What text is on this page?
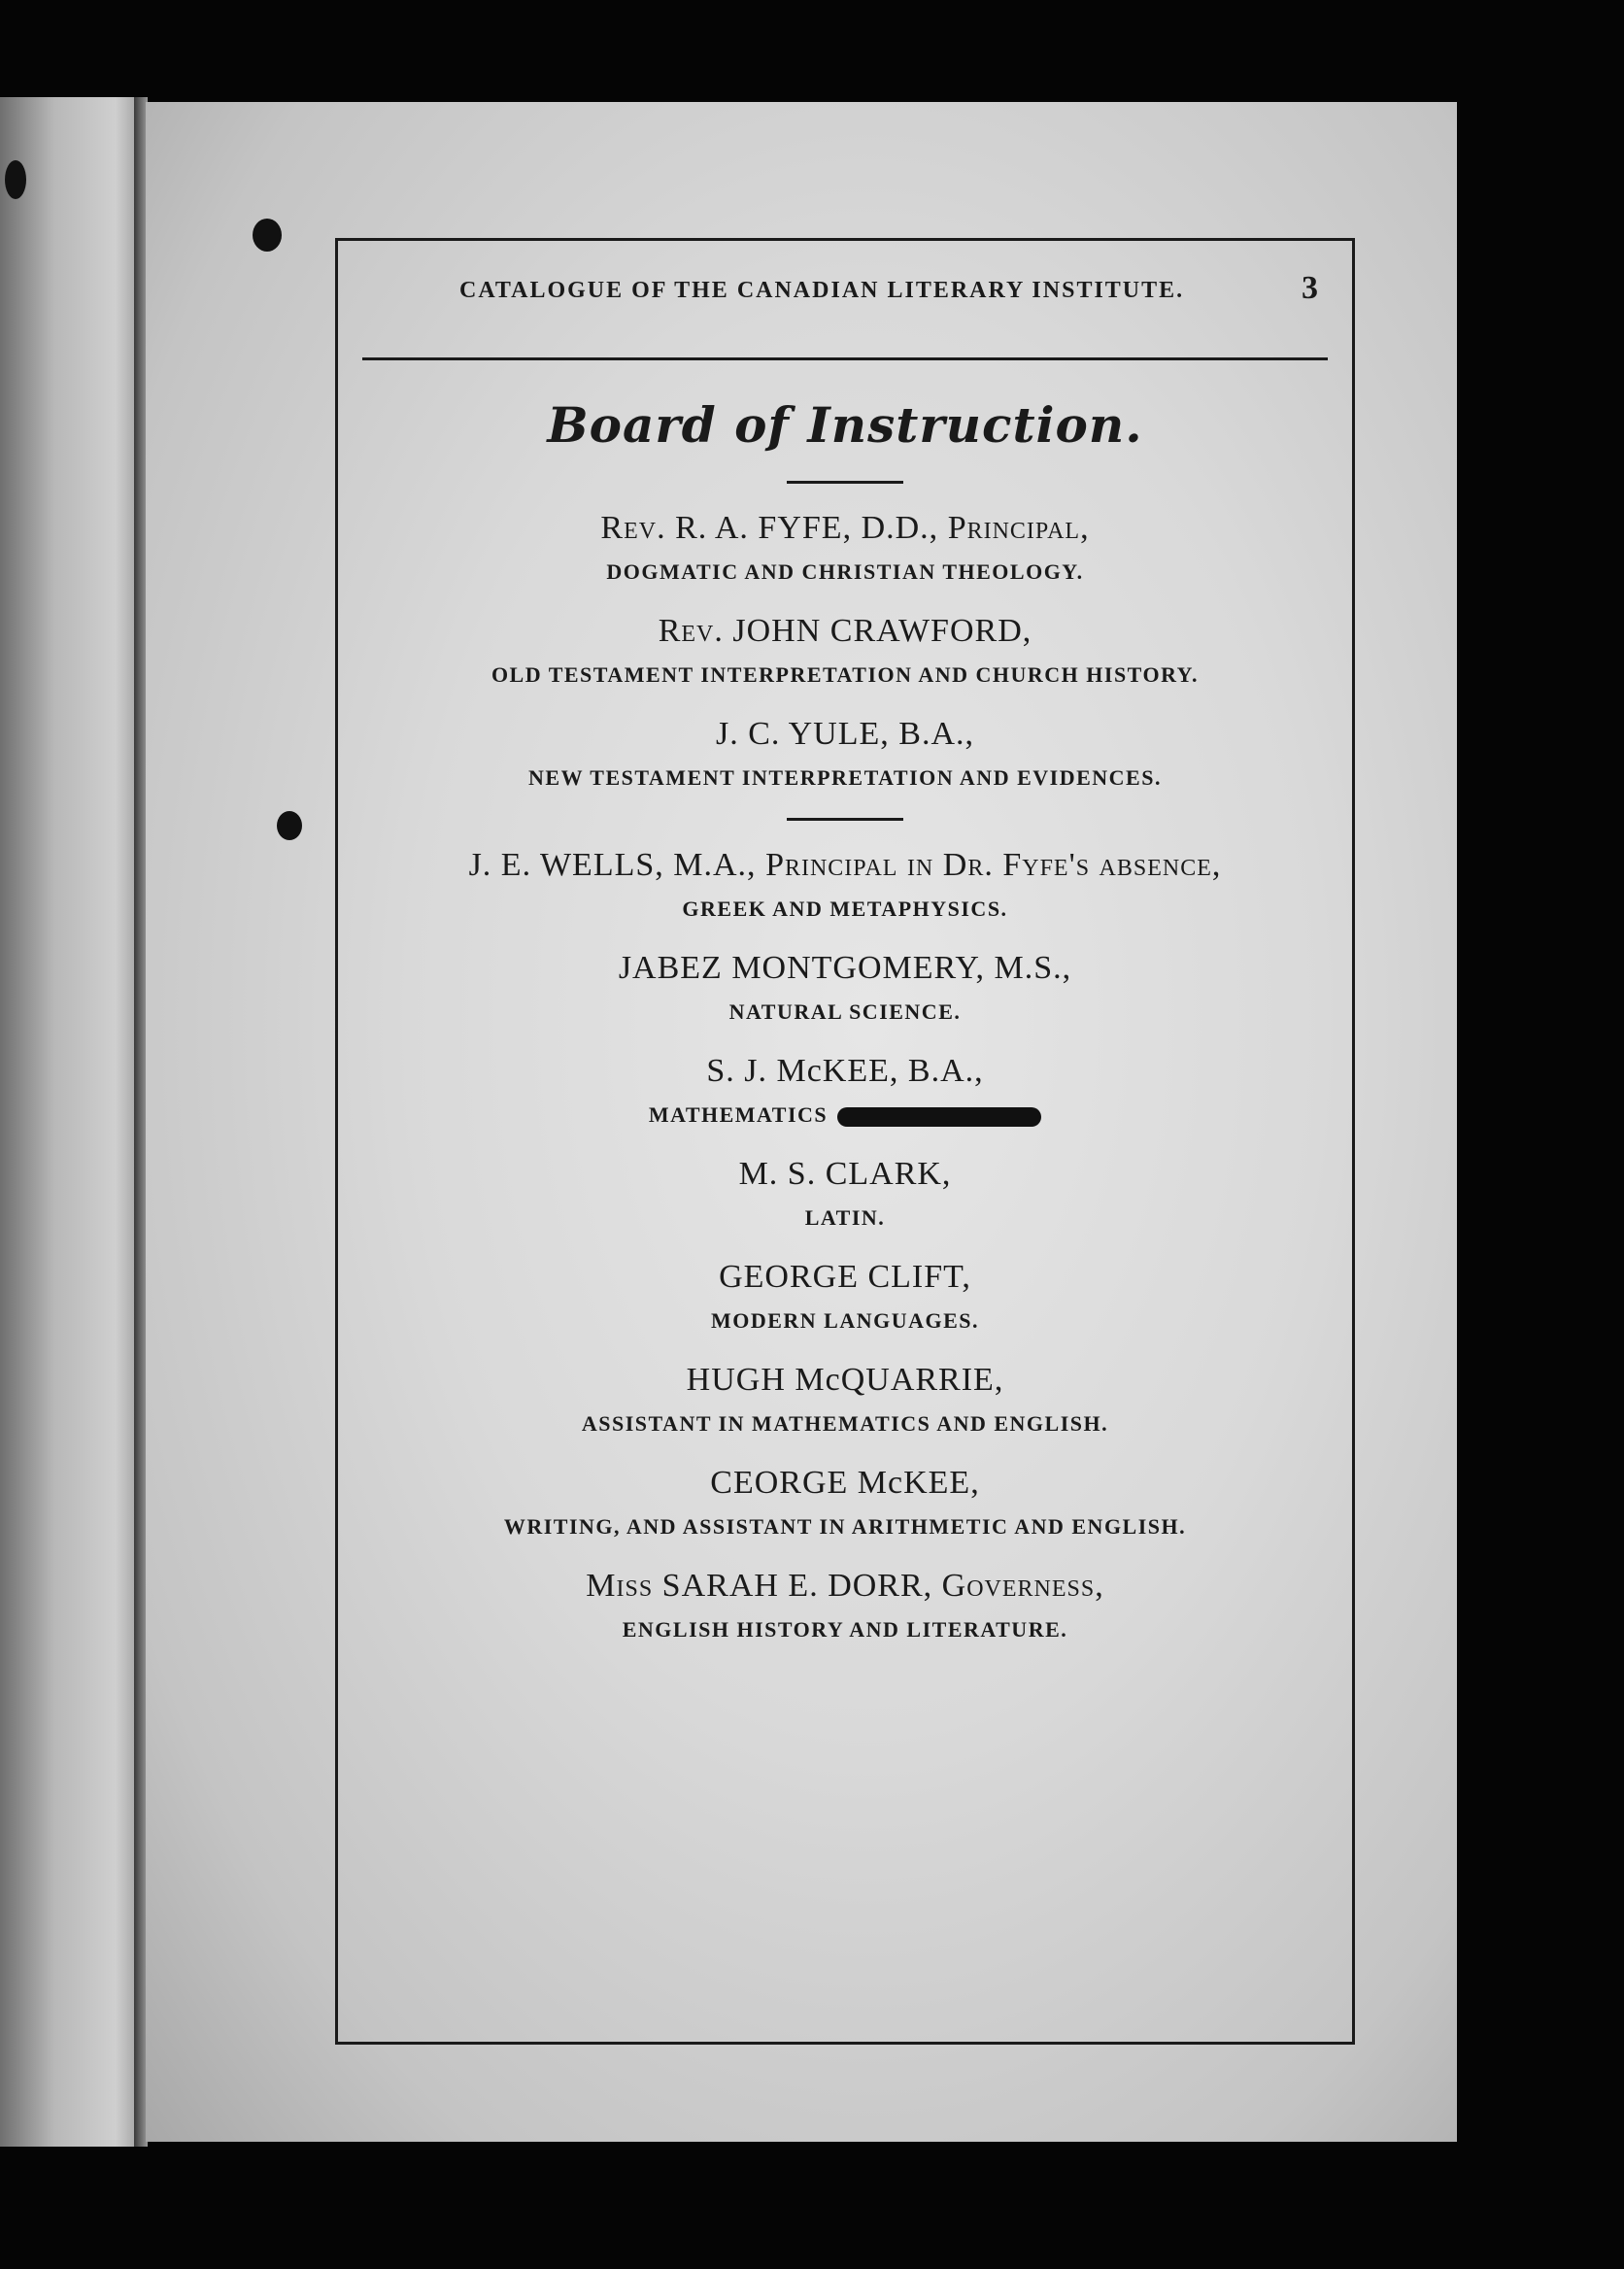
CATALOGUE OF THE CANADIAN LITERARY INSTITUTE.	3
Board of Instruction.
Rev. R. A. FYFE, D.D., Principal,
DOGMATIC AND CHRISTIAN THEOLOGY.
Rev. JOHN CRAWFORD,
OLD TESTAMENT INTERPRETATION AND CHURCH HISTORY.
J. C. YULE, B.A.,
NEW TESTAMENT INTERPRETATION AND EVIDENCES.
J. E. WELLS, M.A., Principal in Dr. Fyfe's absence,
GREEK AND METAPHYSICS.
JABEZ MONTGOMERY, M.S.,
NATURAL SCIENCE.
S. J. McKEE, B.A.,
MATHEMATICS
M. S. CLARK,
LATIN.
GEORGE CLIFT,
MODERN LANGUAGES.
HUGH McQUARRIE,
ASSISTANT IN MATHEMATICS AND ENGLISH.
CEORGE McKEE,
WRITING, AND ASSISTANT IN ARITHMETIC AND ENGLISH.
Miss SARAH E. DORR, Governess,
ENGLISH HISTORY AND LITERATURE.
